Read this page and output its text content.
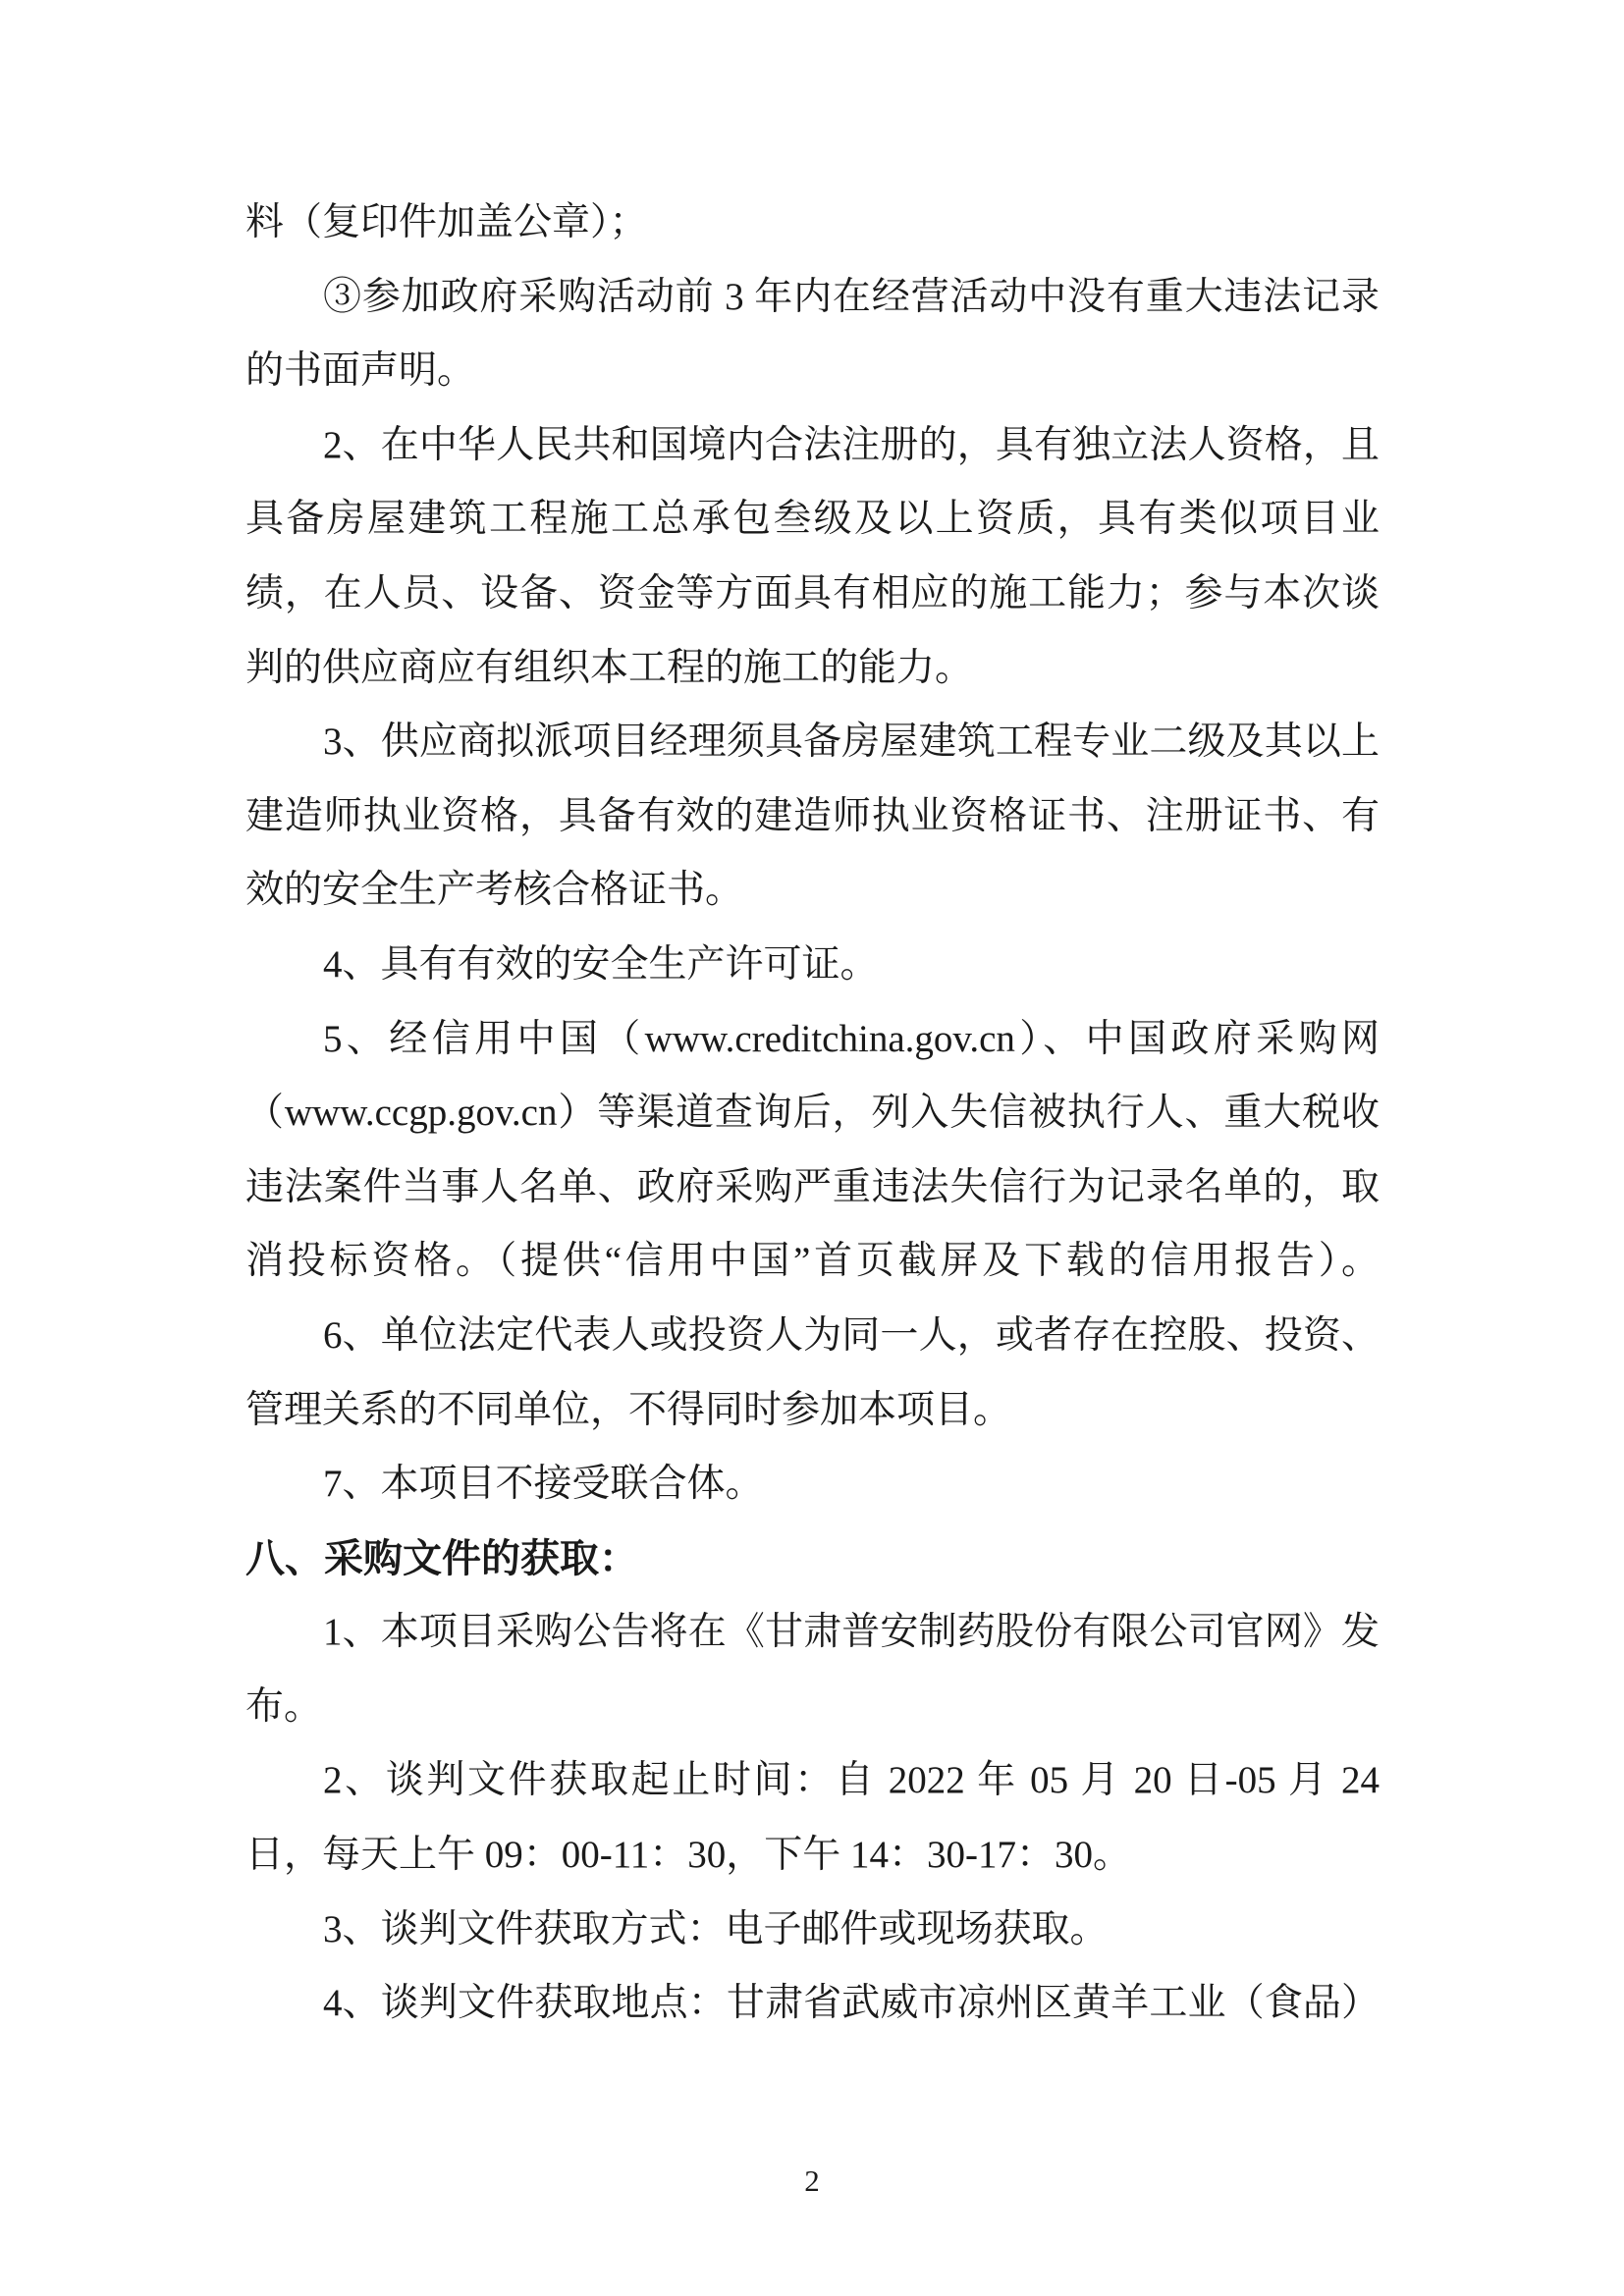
料（复印件加盖公章）；
③参加政府采购活动前 3 年内在经营活动中没有重大违法记录
的书面声明。
2、在中华人民共和国境内合法注册的，具有独立法人资格，且
具备房屋建筑工程施工总承包叁级及以上资质，具有类似项目业
绩，在人员、设备、资金等方面具有相应的施工能力；参与本次谈
判的供应商应有组织本工程的施工的能力。
3、供应商拟派项目经理须具备房屋建筑工程专业二级及其以上
建造师执业资格，具备有效的建造师执业资格证书、注册证书、有
效的安全生产考核合格证书。
4、具有有效的安全生产许可证。
5、经信用中国（www.creditchina.gov.cn）、中国政府采购网
（www.ccgp.gov.cn）等渠道查询后，列入失信被执行人、重大税收
违法案件当事人名单、政府采购严重违法失信行为记录名单的，取
消投标资格。（提供“信用中国”首页截屏及下载的信用报告）。
6、单位法定代表人或投资人为同一人，或者存在控股、投资、
管理关系的不同单位，不得同时参加本项目。
7、本项目不接受联合体。
八、采购文件的获取：
1、本项目采购公告将在《甘肃普安制药股份有限公司官网》发
布。
2、谈判文件获取起止时间：自 2022 年 05 月 20 日-05 月 24
日，每天上午 09：00-11：30，下午 14：30-17：30。
3、谈判文件获取方式：电子邮件或现场获取。
4、谈判文件获取地点：甘肃省武威市凉州区黄羊工业（食品）
2
